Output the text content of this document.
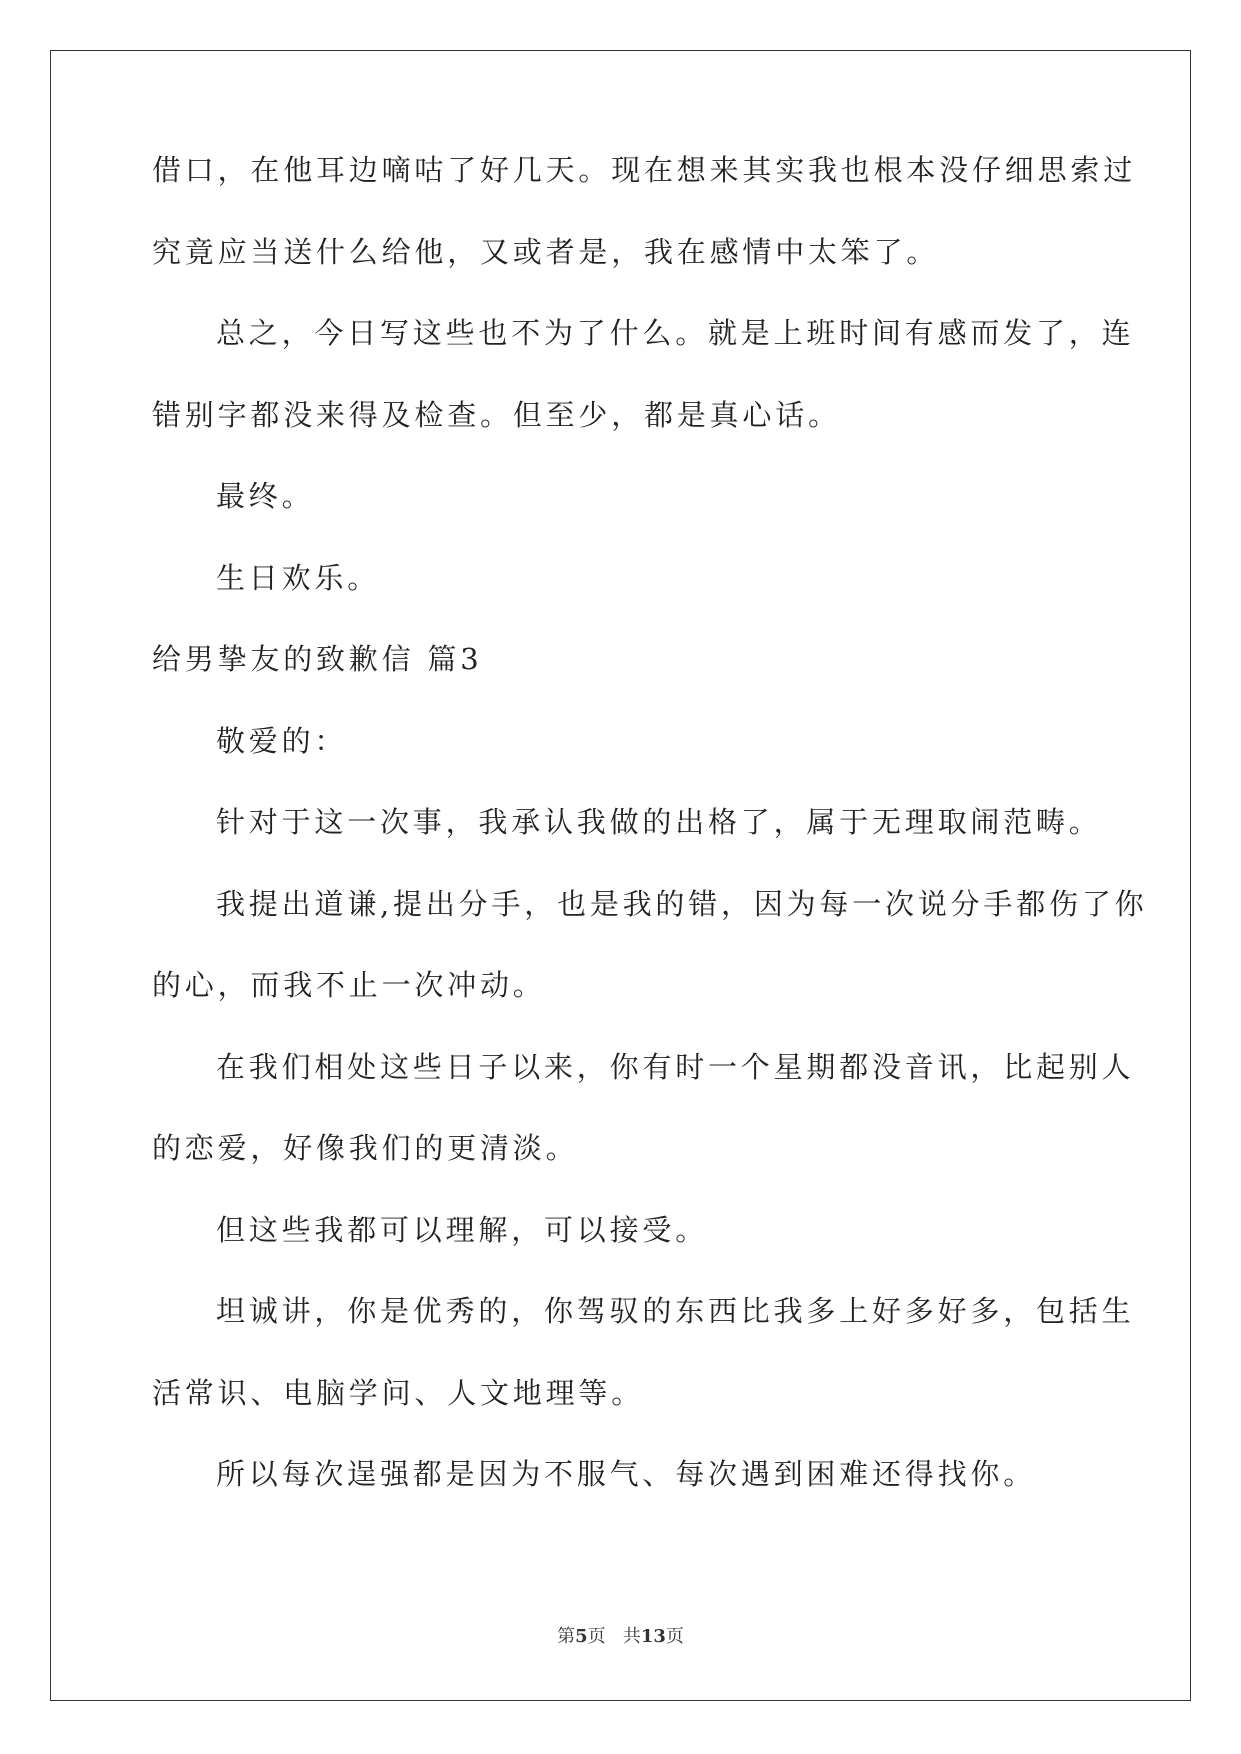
借口，在他耳边嘀咕了好几天。现在想来其实我也根本没仔细思索过
究竟应当送什么给他，又或者是，我在感情中太笨了。
总之，今日写这些也不为了什么。就是上班时间有感而发了，连
错别字都没来得及检查。但至少，都是真心话。
最终。
生日欢乐。
给男挚友的致歉信 篇3
敬爱的：
针对于这一次事，我承认我做的出格了，属于无理取闹范畴。
我提出道谦,提出分手，也是我的错，因为每一次说分手都伤了你
的心，而我不止一次冲动。
在我们相处这些日子以来，你有时一个星期都没音讯，比起别人
的恋爱，好像我们的更清淡。
但这些我都可以理解，可以接受。
坦诚讲，你是优秀的，你驾驭的东西比我多上好多好多，包括生
活常识、电脑学问、人文地理等。
所以每次逞强都是因为不服气、每次遇到困难还得找你。
第5页 共13页
